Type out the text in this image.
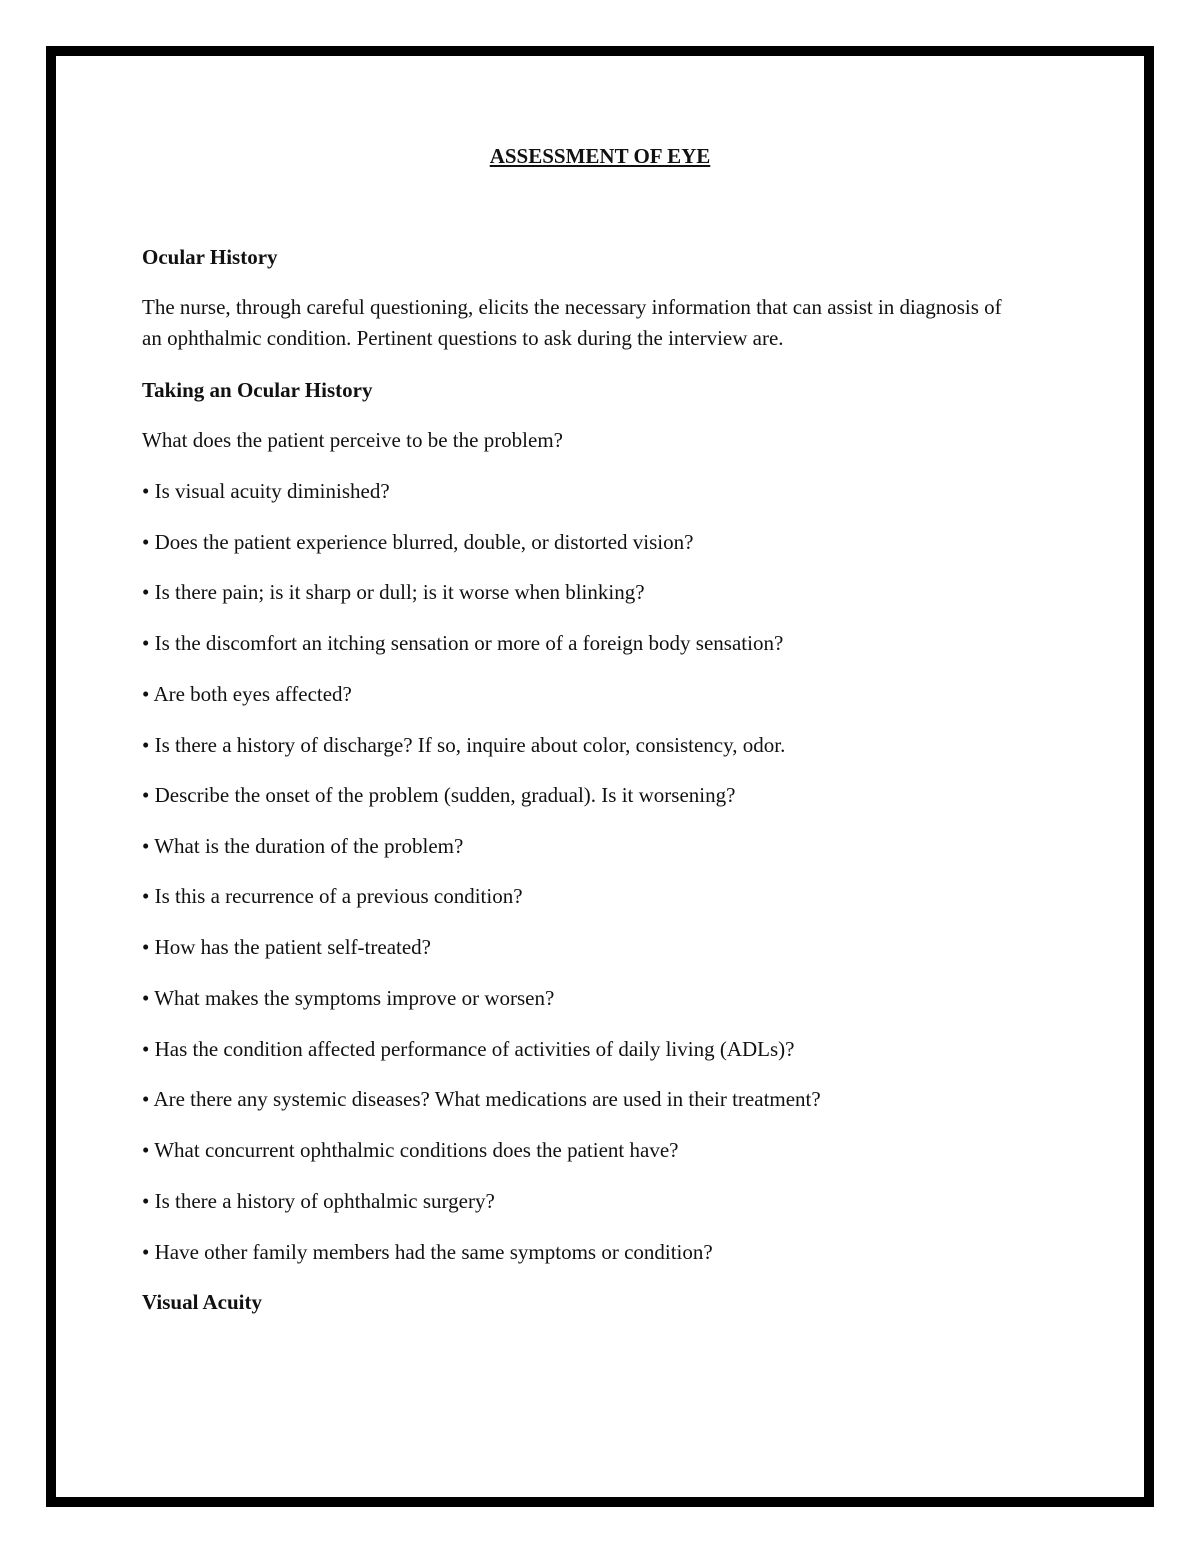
ASSESSMENT OF EYE
Ocular History

The nurse, through careful questioning, elicits the necessary information that can assist in diagnosis of an ophthalmic condition. Pertinent questions to ask during the interview are.

Taking an Ocular History

What does the patient perceive to be the problem?

• Is visual acuity diminished?

• Does the patient experience blurred, double, or distorted vision?

• Is there pain; is it sharp or dull; is it worse when blinking?

• Is the discomfort an itching sensation or more of a foreign body sensation?

• Are both eyes affected?

• Is there a history of discharge? If so, inquire about color, consistency, odor.

• Describe the onset of the problem (sudden, gradual). Is it worsening?

• What is the duration of the problem?

• Is this a recurrence of a previous condition?

• How has the patient self-treated?

• What makes the symptoms improve or worsen?

• Has the condition affected performance of activities of daily living (ADLs)?

• Are there any systemic diseases? What medications are used in their treatment?

• What concurrent ophthalmic conditions does the patient have?

• Is there a history of ophthalmic surgery?

• Have other family members had the same symptoms or condition?

Visual Acuity
